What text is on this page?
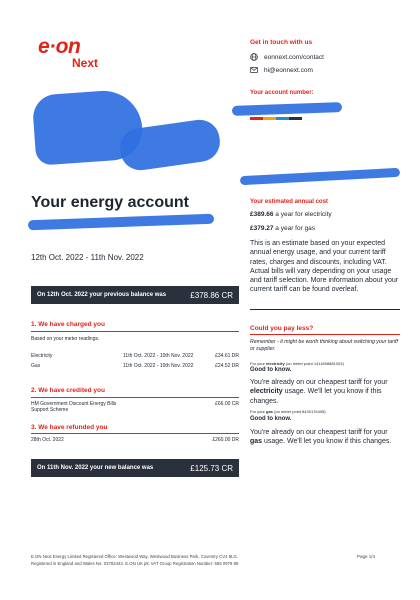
e·on
Next
Get in touch with us
eonnext.com/contact
hi@eonnext.com
Your account number:
Your energy account
12th Oct. 2022 - 11th Nov. 2022
On 12th Oct. 2022 your previous balance was	£378.86 CR
1. We have charged you
Based on your meter readings.
Electricity	11th Oct. 2022 - 10th Nov. 2022	£34.61 DR
Gas	11th Oct. 2022 - 10th Nov. 2022	£24.52 DR
2. We have credited you
HM Government Discount Energy Bills Support Scheme
£66.00 CR
3. We have refunded you
28th Oct. 2022	£260.00 DR
On 11th Nov. 2022 your new balance was	£125.73 CR
Your estimated annual cost
£389.66 a year for electricity
£379.27 a year for gas
This is an estimate based on your expected annual energy usage, and your current tariff rates, charges and discounts, including VAT. Actual bills will vary depending on your usage and tariff selection. More information about your current tariff can be found overleaf.
Could you pay less?
Remember - it might be worth thinking about switching your tariff or supplier.
For your electricity (on meter point 1411898881003)
Good to know.
You're already on our cheapest tariff for your electricity usage. We'll let you know if this changes.
For your gas (on meter point 8430176408)
Good to know.
You're already on our cheapest tariff for your gas usage. We'll let you know if this changes.
E.ON Next Energy Limited Registered Office: Westwood Way, Westwood Business Park, Coventry CV4 8LG.
Registered in England and Wales No: 03782443. E.ON UK plc VAT Group Registration Number: 559 0978 89
Page 1/4
